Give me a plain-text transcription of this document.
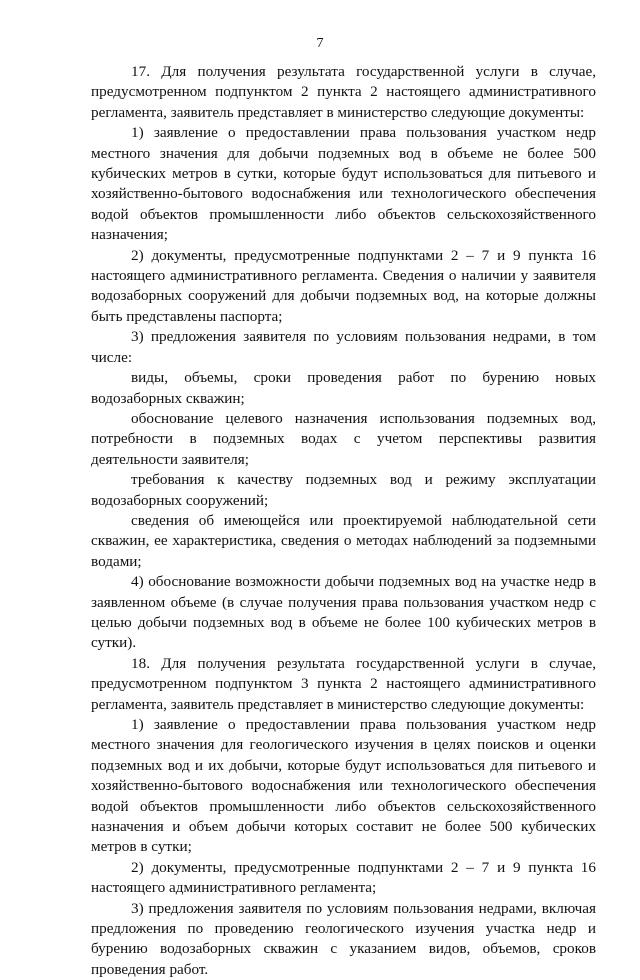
7

17. Для получения результата государственной услуги в случае, предусмотренном подпунктом 2 пункта 2 настоящего административного регламента, заявитель представляет в министерство следующие документы:

1) заявление о предоставлении права пользования участком недр местного значения для добычи подземных вод в объеме не более 500 кубических метров в сутки, которые будут использоваться для питьевого и хозяйственно-бытового водоснабжения или технологического обеспечения водой объектов промышленности либо объектов сельскохозяйственного назначения;

2) документы, предусмотренные подпунктами 2 – 7 и 9 пункта 16 настоящего административного регламента. Сведения о наличии у заявителя водозаборных сооружений для добычи подземных вод, на которые должны быть представлены паспорта;

3) предложения заявителя по условиям пользования недрами, в том числе:

виды, объемы, сроки проведения работ по бурению новых водозаборных скважин;

обоснование целевого назначения использования подземных вод, потребности в подземных водах с учетом перспективы развития деятельности заявителя;

требования к качеству подземных вод и режиму эксплуатации водозаборных сооружений;

сведения об имеющейся или проектируемой наблюдательной сети скважин, ее характеристика, сведения о методах наблюдений за подземными водами;

4) обоснование возможности добычи подземных вод на участке недр в заявленном объеме (в случае получения права пользования участком недр с целью добычи подземных вод в объеме не более 100 кубических метров в сутки).

18. Для получения результата государственной услуги в случае, предусмотренном подпунктом 3 пункта 2 настоящего административного регламента, заявитель представляет в министерство следующие документы:

1) заявление о предоставлении права пользования участком недр местного значения для геологического изучения в целях поисков и оценки подземных вод и их добычи, которые будут использоваться для питьевого и хозяйственно-бытового водоснабжения или технологического обеспечения водой объектов промышленности либо объектов сельскохозяйственного назначения и объем добычи которых составит не более 500 кубических метров в сутки;

2) документы, предусмотренные подпунктами 2 – 7 и 9 пункта 16 настоящего административного регламента;

3) предложения заявителя по условиям пользования недрами, включая предложения по проведению геологического изучения участка недр и бурению водозаборных скважин с указанием видов, объемов, сроков проведения работ.
